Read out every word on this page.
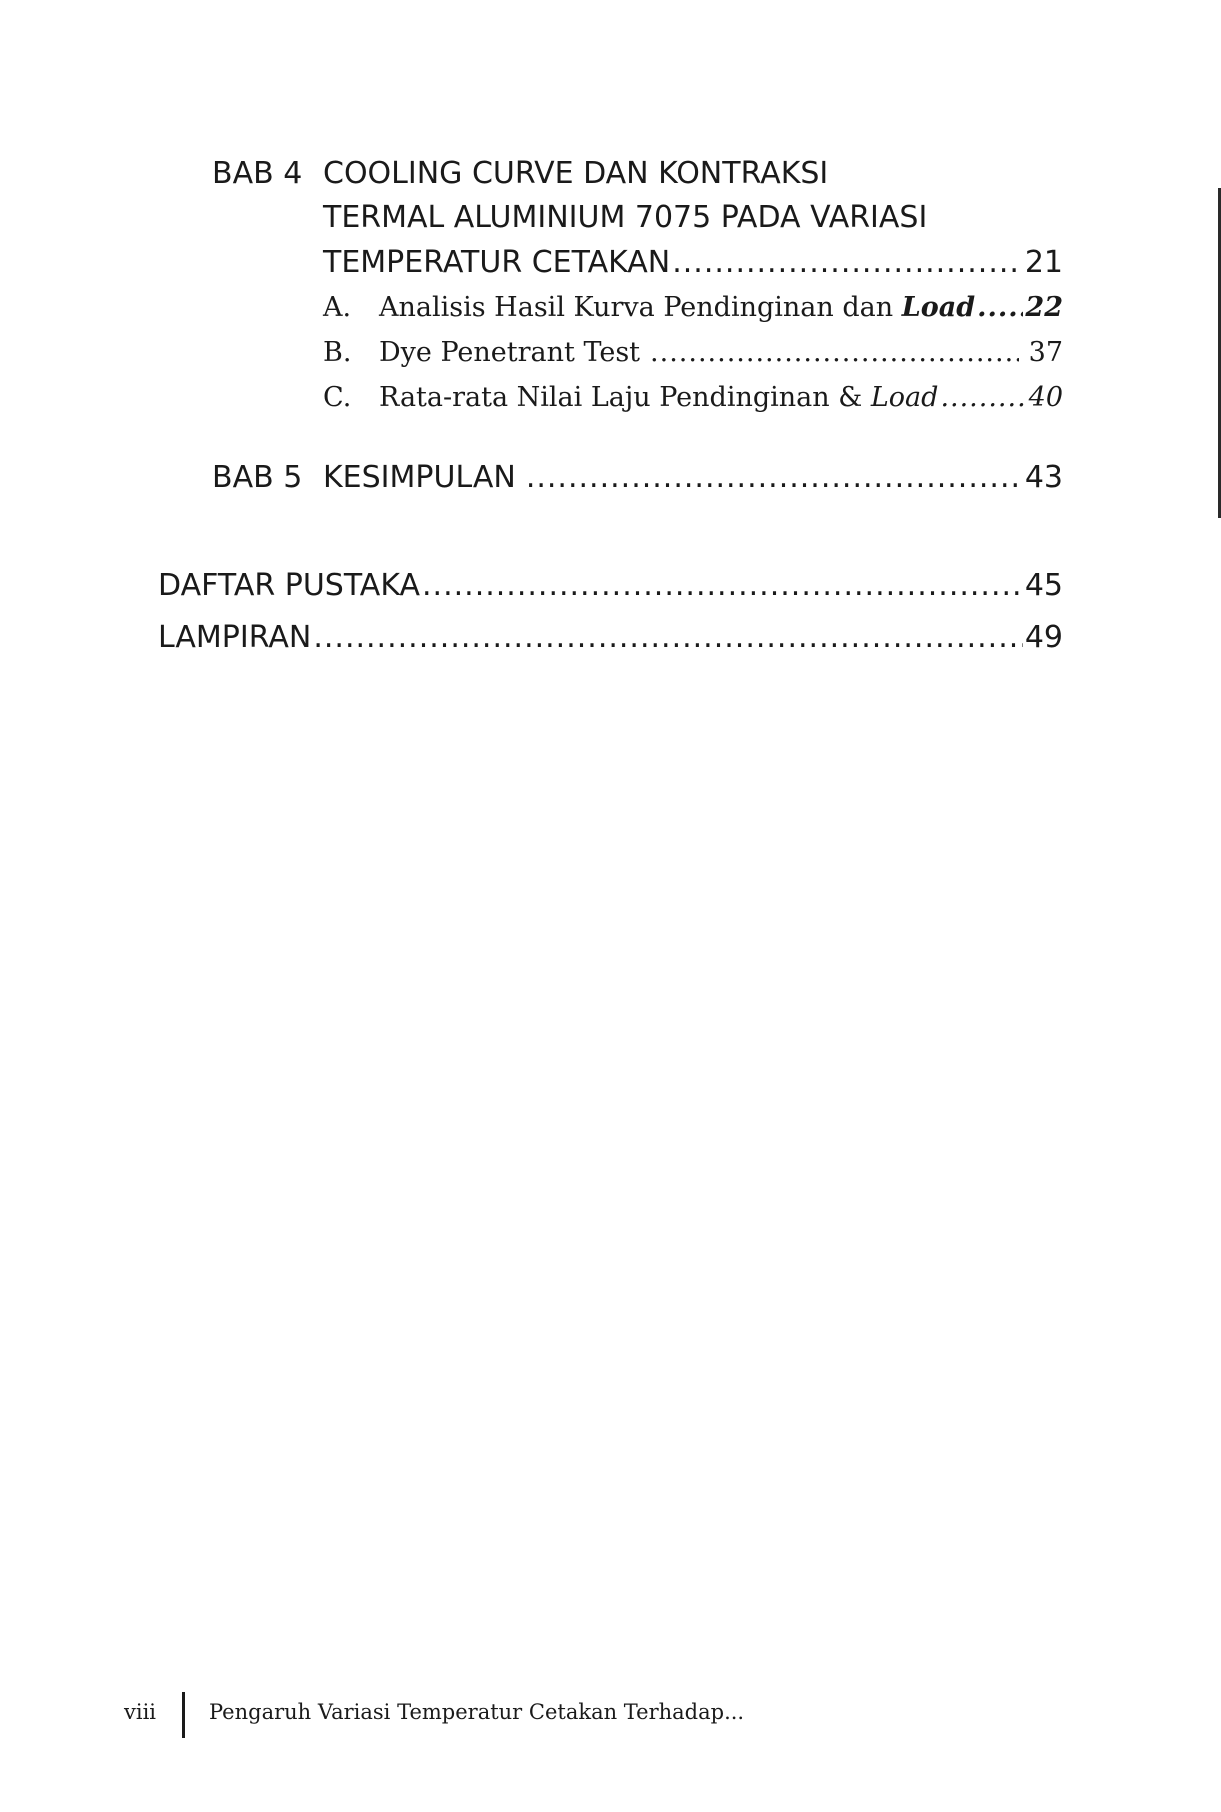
BAB 4 COOLING CURVE DAN KONTRAKSI
TERMAL ALUMINIUM 7075 PADA VARIASI
TEMPERATUR CETAKAN .....	21
A. Analisis Hasil Kurva Pendinginan dan Load ..... 22
B. Dye Penetrant Test .....	37
C. Rata-rata Nilai Laju Pendinginan & Load .....	40
BAB 5 KESIMPULAN .....	43
DAFTAR PUSTAKA .....	45
LAMPIRAN .....	49
viii	Pengaruh Variasi Temperatur Cetakan Terhadap...
